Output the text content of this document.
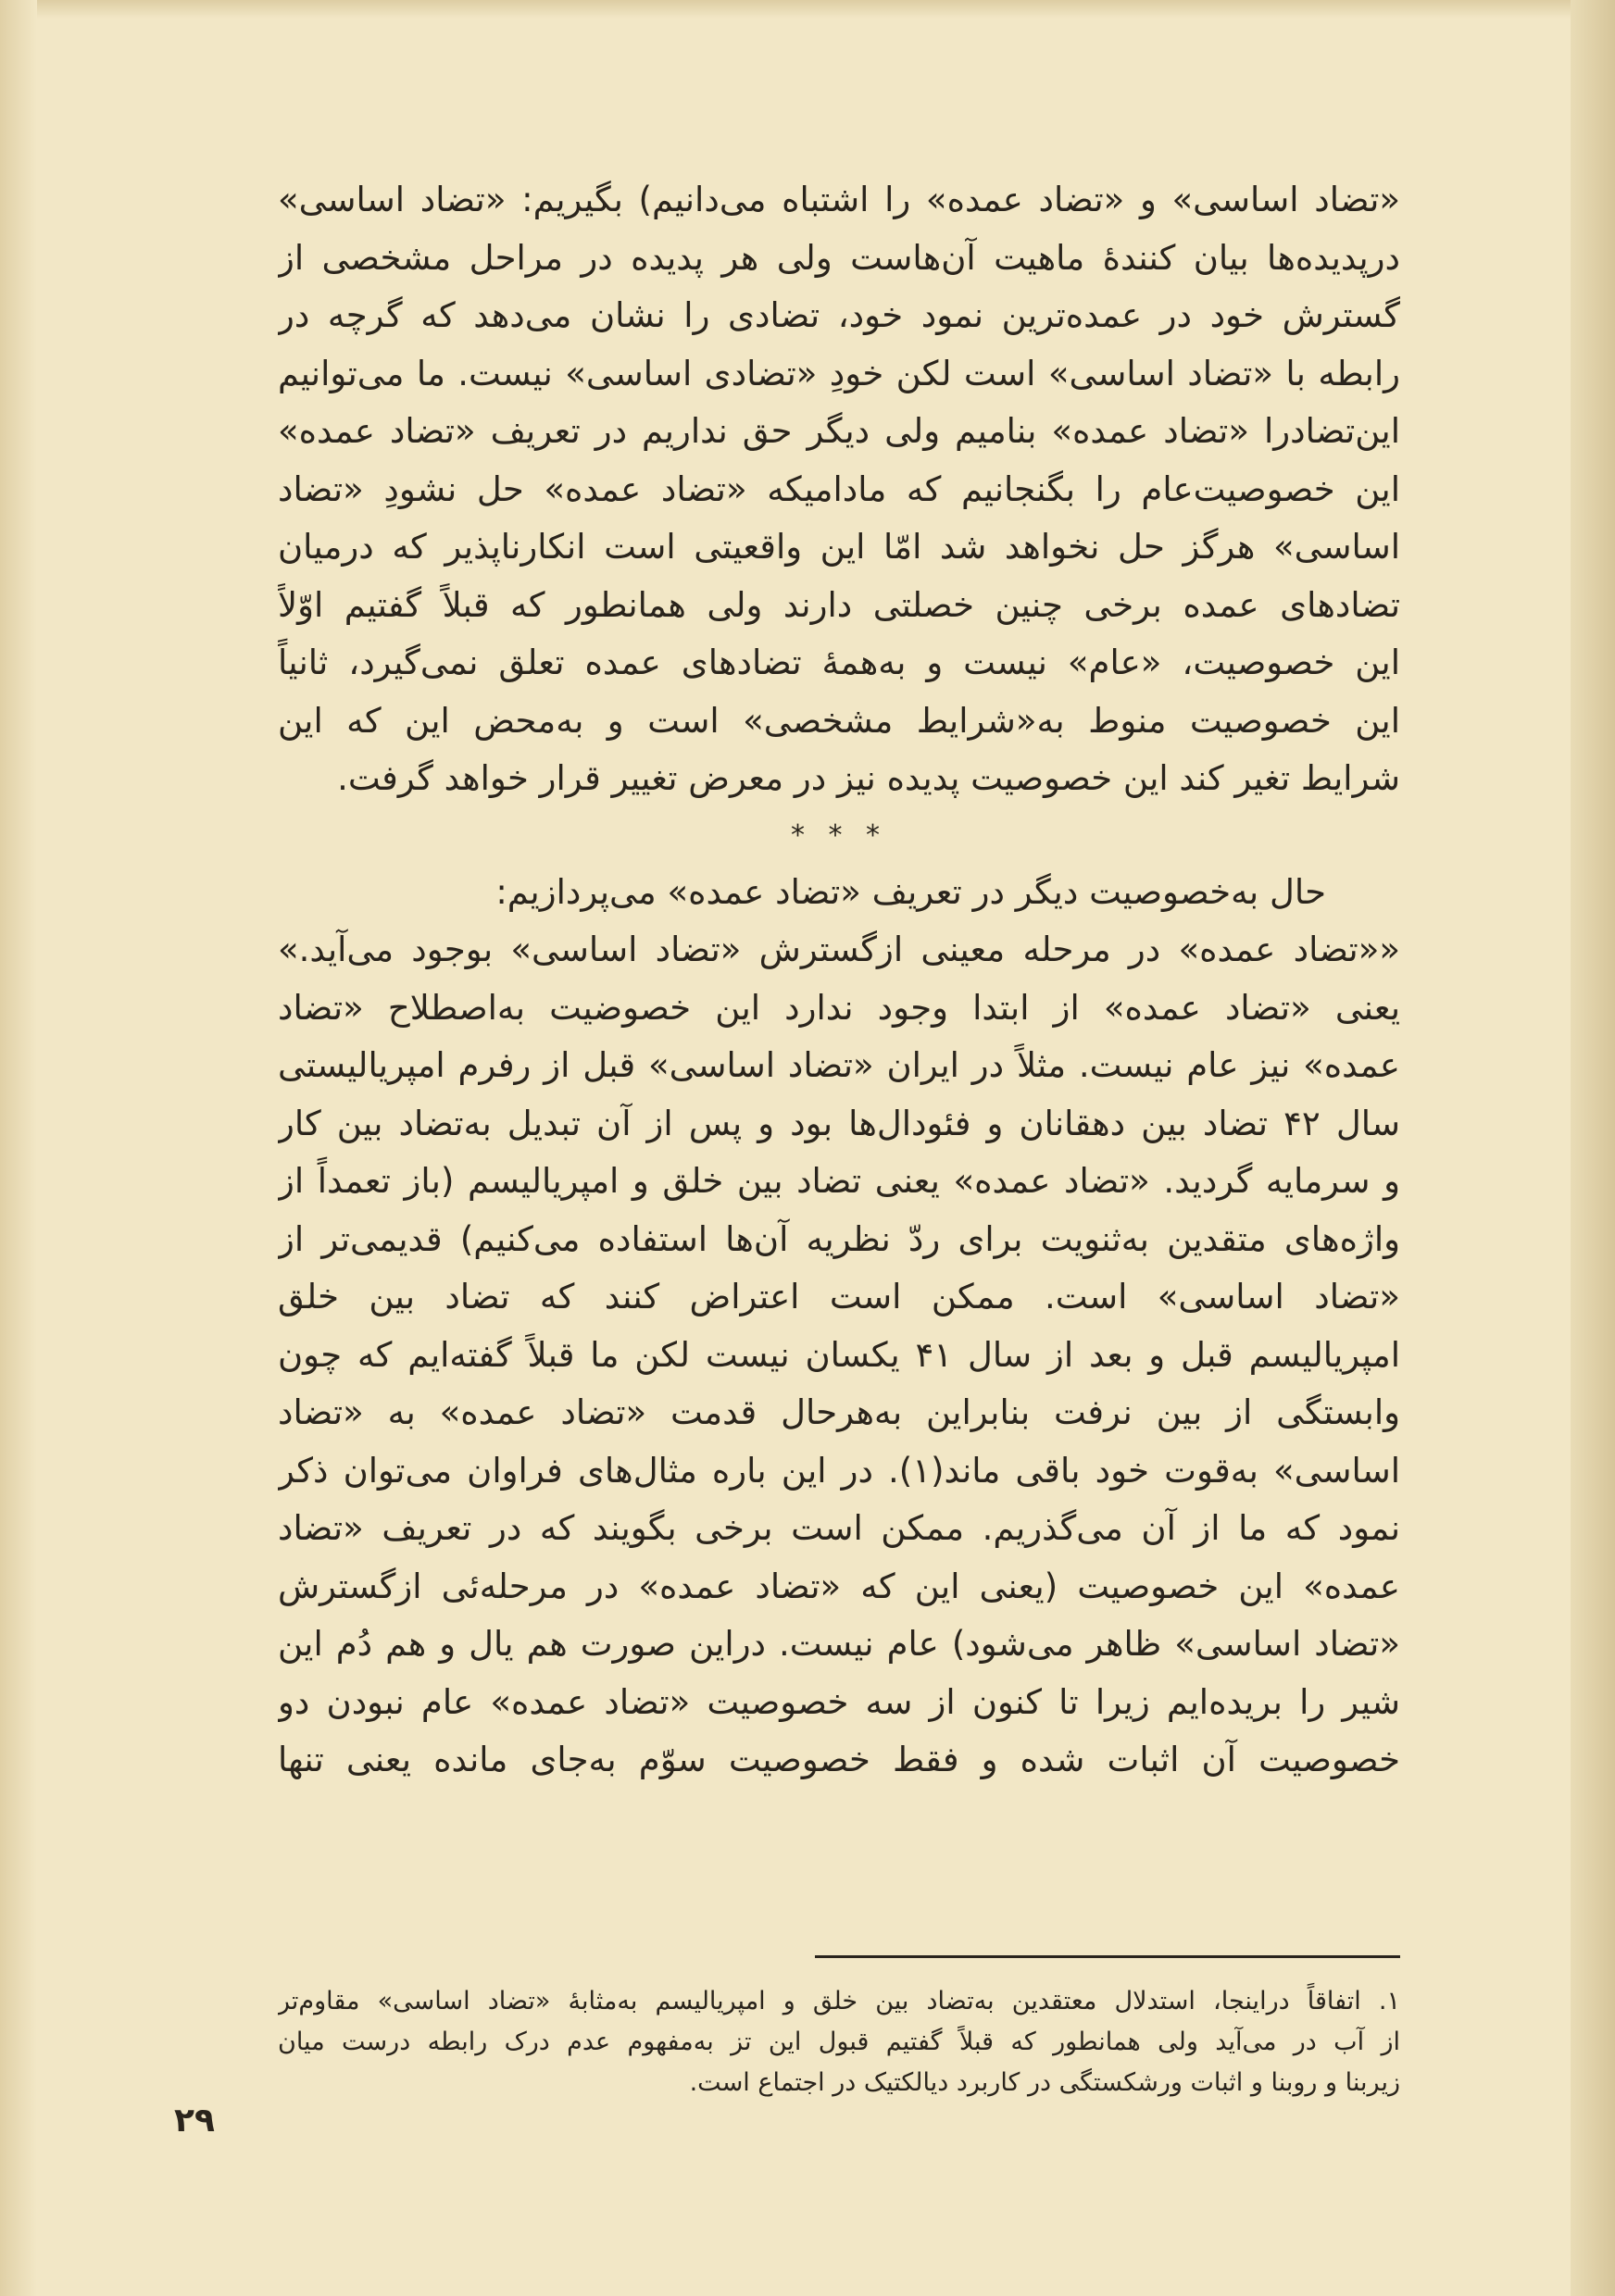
«تضاد اساسی» و «تضاد عمده» را اشتباه می‌دانیم) بگیریم: «تضاد اساسی»
درپدیده‌ها بیان کنندهٔ ماهیت آن‌هاست ولی هر پدیده در مراحل مشخصی از
گسترش خود در عمده‌ترین نمود خود، تضادی را نشان می‌دهد که گرچه در
رابطه با «تضاد اساسی» است لکن خودِ «تضادی اساسی» نیست. ما می‌توانیم
این‌تضادرا «تضاد عمده» بنامیم ولی دیگر حق نداریم در تعریف «تضاد عمده»
این خصوصیت‌عام را بگنجانیم که مادامیکه «تضاد عمده» حل نشودِ «تضاد
اساسی» هرگز حل نخواهد شد امّا این واقعیتی است انکارناپذیر که درمیان
تضادهای عمده برخی چنین خصلتی دارند ولی همانطور که قبلاً گفتیم اوّلاً
این خصوصیت، «عام» نیست و به‌همهٔ تضادهای عمده تعلق نمی‌گیرد، ثانیاً
این خصوصیت منوط به«شرایط مشخصی» است و به‌محض این که این
شرایط تغیر کند این خصوصیت پدیده نیز در معرض تغییر قرار خواهد گرفت.
* * *
حال به‌خصوصیت دیگر در تعریف «تضاد عمده» می‌پردازیم:
««تضاد عمده» در مرحله معینی ازگسترش «تضاد اساسی» بوجود می‌آید.»
یعنی «تضاد عمده» از ابتدا وجود ندارد این خصوضیت به‌اصطلاح «تضاد
عمده» نیز عام نیست. مثلاً در ایران «تضاد اساسی» قبل از رفرم امپریالیستی
سال ۴۲ تضاد بین دهقانان و فئودال‌ها بود و پس از آن تبدیل به‌تضاد بین کار
و سرمایه گردید. «تضاد عمده» یعنی تضاد بین خلق و امپریالیسم (باز تعمداً از
واژه‌های متقدین به‌ثنویت برای ردّ نظریه آن‌ها استفاده می‌کنیم) قدیمی‌تر از
«تضاد اساسی» است. ممکن است اعتراض کنند که تضاد بین خلق
امپریالیسم قبل و بعد از سال ۴۱ یکسان نیست لکن ما قبلاً گفته‌ایم که چون
وابستگی از بین نرفت بنابراین به‌هرحال قدمت «تضاد عمده» به «تضاد
اساسی» به‌قوت خود باقی ماند(۱). در این باره مثال‌های فراوان می‌توان ذکر
نمود که ما از آن می‌گذریم. ممکن است برخی بگویند که در تعریف «تضاد
عمده» این خصوصیت (یعنی این که «تضاد عمده» در مرحله‌ئی ازگسترش
«تضاد اساسی» ظاهر می‌شود) عام نیست. دراین صورت هم یال و هم دُم این
شیر را بریده‌ایم زیرا تا کنون از سه خصوصیت «تضاد عمده» عام نبودن دو
خصوصیت آن اثبات شده و فقط خصوصیت سوّم به‌جای مانده یعنی تنها
۱. اتفاقاً دراینجا، استدلال معتقدین به‌تضاد بین خلق و امپریالیسم به‌مثابهٔ «تضاد اساسی» مقاوم‌تر
از آب در می‌آید ولی همانطور که قبلاً گفتیم قبول این تز به‌مفهوم عدم درک رابطه درست میان
زیربنا و روبنا و اثبات ورشکستگی در کاربرد دیالکتیک در اجتماع است.
۲۹
